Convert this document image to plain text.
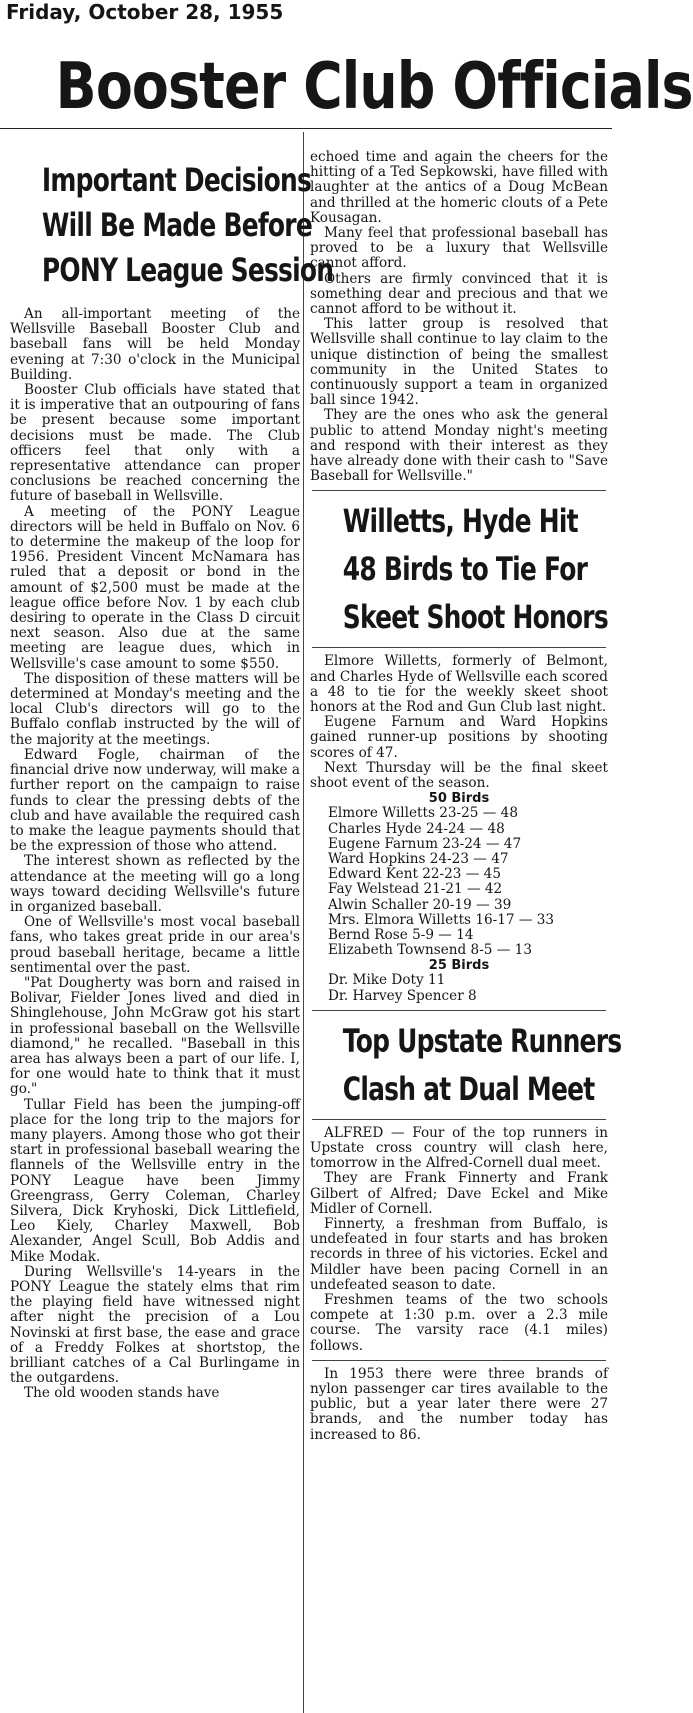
Friday, October 28, 1955
Booster Club Officials
Important Decisions
Will Be Made Before
PONY League Session

An all-important meeting of the Wellsville Baseball Booster Club and baseball fans will be held Monday evening at 7:30 o'clock in the Municipal Building.

Booster Club officials have stated that it is imperative that an outpouring of fans be present because some important decisions must be made. The Club officers feel that only with a representative attendance can proper conclusions be reached concerning the future of baseball in Wellsville.

A meeting of the PONY League directors will be held in Buffalo on Nov. 6 to determine the makeup of the loop for 1956. President Vincent McNamara has ruled that a deposit or bond in the amount of $2,500 must be made at the league office before Nov. 1 by each club desiring to operate in the Class D circuit next season. Also due at the same meeting are league dues, which in Wellsville's case amount to some $550.

The disposition of these matters will be determined at Monday's meeting and the local Club's directors will go to the Buffalo conflab instructed by the will of the majority at the meetings.

Edward Fogle, chairman of the financial drive now underway, will make a further report on the campaign to raise funds to clear the pressing debts of the club and have available the required cash to make the league payments should that be the expression of those who attend.

The interest shown as reflected by the attendance at the meeting will go a long ways toward deciding Wellsville's future in organized baseball.

One of Wellsville's most vocal baseball fans, who takes great pride in our area's proud baseball heritage, became a little sentimental over the past.

"Pat Dougherty was born and raised in Bolivar, Fielder Jones lived and died in Shinglehouse, John McGraw got his start in professional baseball on the Wellsville diamond," he recalled. "Baseball in this area has always been a part of our life. I, for one would hate to think that it must go."

Tullar Field has been the jumping-off place for the long trip to the majors for many players. Among those who got their start in professional baseball wearing the flannels of the Wellsville entry in the PONY League have been Jimmy Greengrass, Gerry Coleman, Charley Silvera, Dick Kryhoski, Dick Littlefield, Leo Kiely, Charley Maxwell, Bob Alexander, Angel Scull, Bob Addis and Mike Modak.

During Wellsville's 14-years in the PONY League the stately elms that rim the playing field have witnessed night after night the precision of a Lou Novinski at first base, the ease and grace of a Freddy Folkes at shortstop, the brilliant catches of a Cal Burlingame in the outgardens.

The old wooden stands have

echoed time and again the cheers for the hitting of a Ted Sepkowski, have filled with laughter at the antics of a Doug McBean and thrilled at the homeric clouts of a Pete Kousagan.

Many feel that professional baseball has proved to be a luxury that Wellsville cannot afford.

Others are firmly convinced that it is something dear and precious and that we cannot afford to be without it.

This latter group is resolved that Wellsville shall continue to lay claim to the unique distinction of being the smallest community in the United States to continuously support a team in organized ball since 1942.

They are the ones who ask the general public to attend Monday night's meeting and respond with their interest as they have already done with their cash to "Save Baseball for Wellsville."

Willetts, Hyde Hit
48 Birds to Tie For
Skeet Shoot Honors

Elmore Willetts, formerly of Belmont, and Charles Hyde of Wellsville each scored a 48 to tie for the weekly skeet shoot honors at the Rod and Gun Club last night.

Eugene Farnum and Ward Hopkins gained runner-up positions by shooting scores of 47.

Next Thursday will be the final skeet shoot event of the season.

50 Birds
Elmore Willetts 23-25 — 48
Charles Hyde 24-24 — 48
Eugene Farnum 23-24 — 47
Ward Hopkins 24-23 — 47
Edward Kent 22-23 — 45
Fay Welstead 21-21 — 42
Alwin Schaller 20-19 — 39
Mrs. Elmora Willetts 16-17 — 33
Bernd Rose 5-9 — 14
Elizabeth Townsend 8-5 — 13
25 Birds
Dr. Mike Doty 11
Dr. Harvey Spencer 8
Top Upstate Runners
Clash at Dual Meet

ALFRED — Four of the top runners in Upstate cross country will clash here, tomorrow in the Alfred-Cornell dual meet.

They are Frank Finnerty and Frank Gilbert of Alfred; Dave Eckel and Mike Midler of Cornell.

Finnerty, a freshman from Buffalo, is undefeated in four starts and has broken records in three of his victories. Eckel and Mildler have been pacing Cornell in an undefeated season to date.

Freshmen teams of the two schools compete at 1:30 p.m. over a 2.3 mile course. The varsity race (4.1 miles) follows.

In 1953 there were three brands of nylon passenger car tires available to the public, but a year later there were 27 brands, and the number today has increased to 86.
